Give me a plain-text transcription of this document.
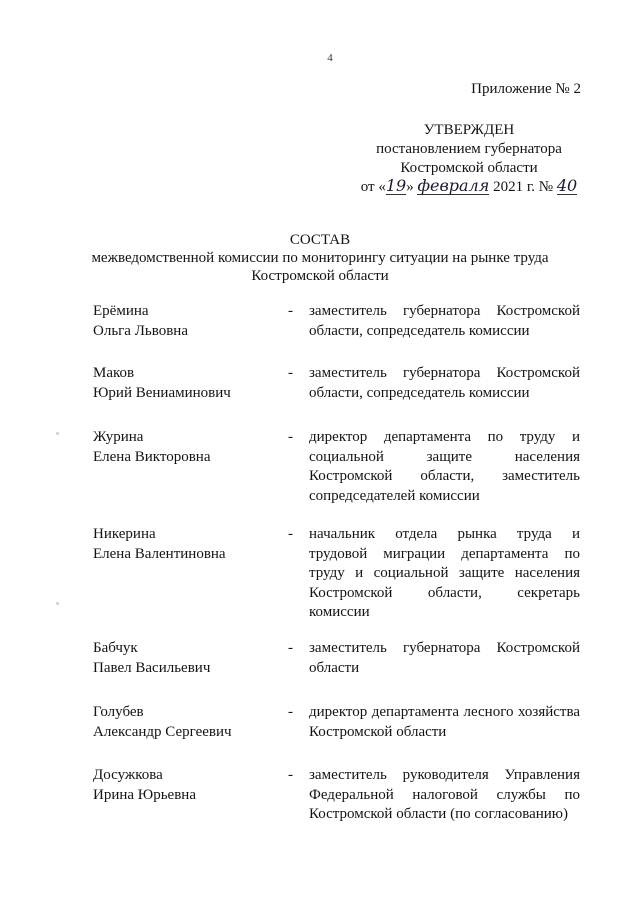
4
Приложение № 2
УТВЕРЖДЕН
постановлением губернатора
Костромской области
от «19» февраля 2021 г. № 40
СОСТАВ
межведомственной комиссии по мониторингу ситуации на рынке труда
Костромской области
Ерёмина
Ольга Львовна
- заместитель губернатора Костромской
области, сопредседатель комиссии
Маков
Юрий Вениаминович
- заместитель губернатора Костромской
области, сопредседатель комиссии
Журина
Елена Викторовна
- директор департамента по труду и
социальной защите населения
Костромской области, заместитель
сопредседателей комиссии
Никерина
Елена Валентиновна
- начальник отдела рынка труда и
трудовой миграции департамента по
труду и социальной защите населения
Костромской области, секретарь
комиссии
Бабчук
Павел Васильевич
- заместитель губернатора Костромской
области
Голубев
Александр Сергеевич
- директор департамента лесного хозяйства
Костромской области
Досужкова
Ирина Юрьевна
- заместитель руководителя Управления
Федеральной налоговой службы по
Костромской области (по согласованию)
